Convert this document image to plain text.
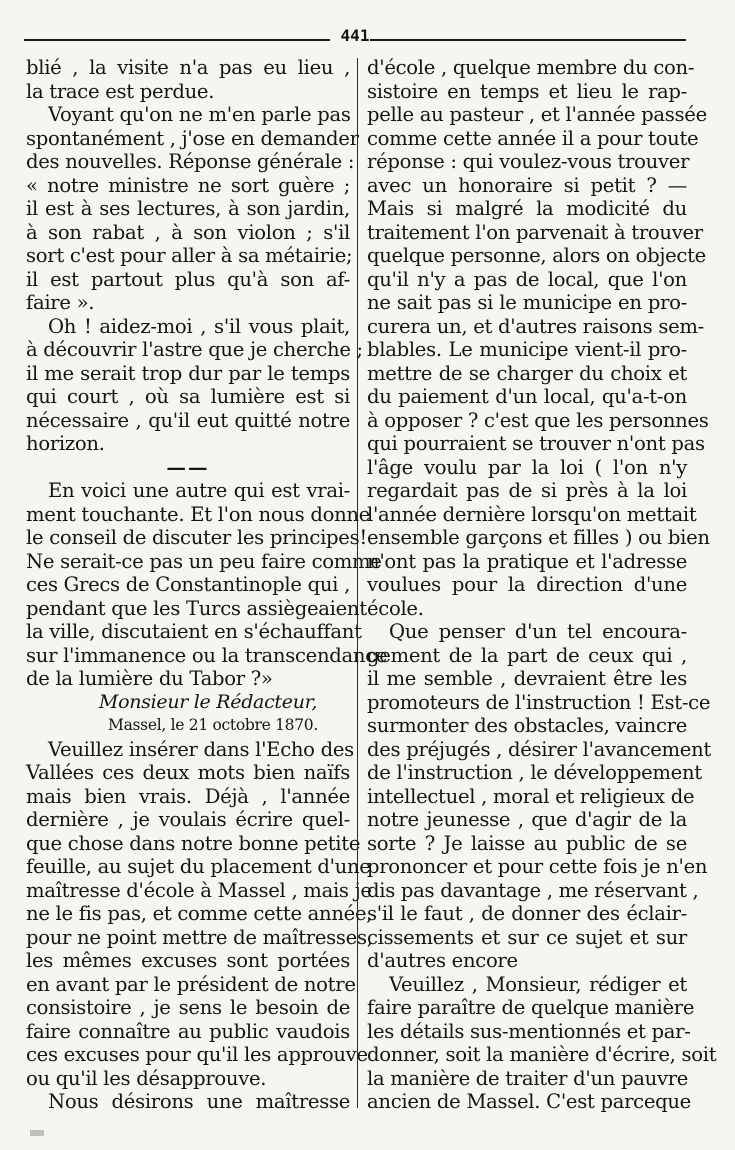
441
blié , la visite n'a pas eu lieu ,
la trace est perdue.
Voyant qu'on ne m'en parle pas
spontanément , j'ose en demander
des nouvelles. Réponse générale :
« notre ministre ne sort guère ;
il est à ses lectures, à son jardin,
à son rabat , à son violon ; s'il
sort c'est pour aller à sa métairie;
il est partout plus qu'à son af-
faire ».
Oh ! aidez-moi , s'il vous plait,
à découvrir l'astre que je cherche ;
il me serait trop dur par le temps
qui court , où sa lumière est si
nécessaire , qu'il eut quitté notre
horizon.
——
En voici une autre qui est vrai-
ment touchante. Et l'on nous donne
le conseil de discuter les principes!
Ne serait-ce pas un peu faire comme
ces Grecs de Constantinople qui ,
pendant que les Turcs assiègeaient
la ville, discutaient en s'échauffant
sur l'immanence ou la transcendance
de la lumière du Tabor ?»
Monsieur le Rédacteur,
Massel, le 21 octobre 1870.
Veuillez insérer dans l'Echo des
Vallées ces deux mots bien naïfs
mais bien vrais. Déjà , l'année
dernière , je voulais écrire quel-
que chose dans notre bonne petite
feuille, au sujet du placement d'une
maîtresse d'école à Massel , mais je
ne le fis pas, et comme cette année,
pour ne point mettre de maîtresses,
les mêmes excuses sont portées
en avant par le président de notre
consistoire , je sens le besoin de
faire connaître au public vaudois
ces excuses pour qu'il les approuve
ou qu'il les désapprouve.
Nous désirons une maîtresse
d'école , quelque membre du con-
sistoire en temps et lieu le rap-
pelle au pasteur , et l'année passée
comme cette année il a pour toute
réponse : qui voulez-vous trouver
avec un honoraire si petit ? —
Mais si malgré la modicité du
traitement l'on parvenait à trouver
quelque personne, alors on objecte
qu'il n'y a pas de local, que l'on
ne sait pas si le municipe en pro-
curera un, et d'autres raisons sem-
blables. Le municipe vient-il pro-
mettre de se charger du choix et
du paiement d'un local, qu'a-t-on
à opposer ? c'est que les personnes
qui pourraient se trouver n'ont pas
l'âge voulu par la loi ( l'on n'y
regardait pas de si près à la loi
l'année dernière lorsqu'on mettait
ensemble garçons et filles ) ou bien
n'ont pas la pratique et l'adresse
voulues pour la direction d'une
école.
Que penser d'un tel encoura-
gement de la part de ceux qui ,
il me semble , devraient être les
promoteurs de l'instruction ! Est-ce
surmonter des obstacles, vaincre
des préjugés , désirer l'avancement
de l'instruction , le développement
intellectuel , moral et religieux de
notre jeunesse , que d'agir de la
sorte ? Je laisse au public de se
prononcer et pour cette fois je n'en
dis pas davantage , me réservant ,
s'il le faut , de donner des éclair-
cissements et sur ce sujet et sur
d'autres encore
Veuillez , Monsieur, rédiger et
faire paraître de quelque manière
les détails sus-mentionnés et par-
donner, soit la manière d'écrire, soit
la manière de traiter d'un pauvre
ancien de Massel. C'est parceque
